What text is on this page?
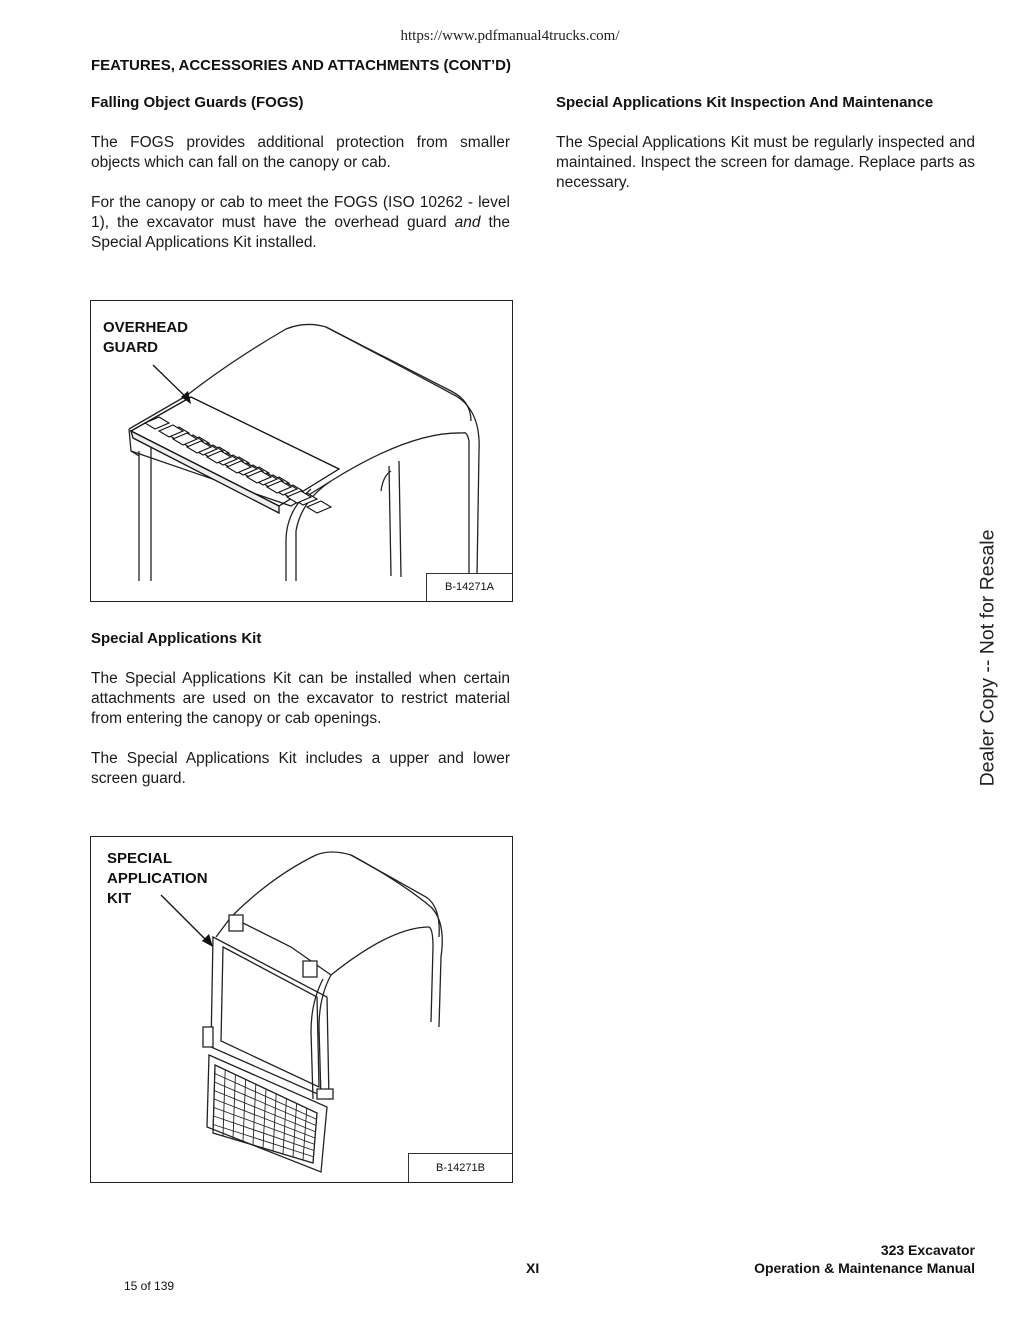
https://www.pdfmanual4trucks.com/
FEATURES, ACCESSORIES AND ATTACHMENTS (CONT’D)
Falling Object Guards (FOGS)
The FOGS provides additional protection from smaller objects which can fall on the canopy or cab.
For the canopy or cab to meet the FOGS (ISO 10262 - level 1), the excavator must have the overhead guard and the Special Applications Kit installed.
OVERHEAD
GUARD
B-14271A
Special Applications Kit
The Special Applications Kit can be installed when certain attachments are used on the excavator to restrict material from entering the canopy or cab openings.
The Special Applications Kit includes a upper and lower screen guard.
SPECIAL
APPLICATION
KIT
B-14271B
Special Applications Kit Inspection And Maintenance
The Special Applications Kit must be regularly inspected and maintained. Inspect the screen for damage. Replace parts as necessary.
Dealer Copy -- Not for Resale
XI
323 Excavator
Operation & Maintenance Manual
15 of 139
